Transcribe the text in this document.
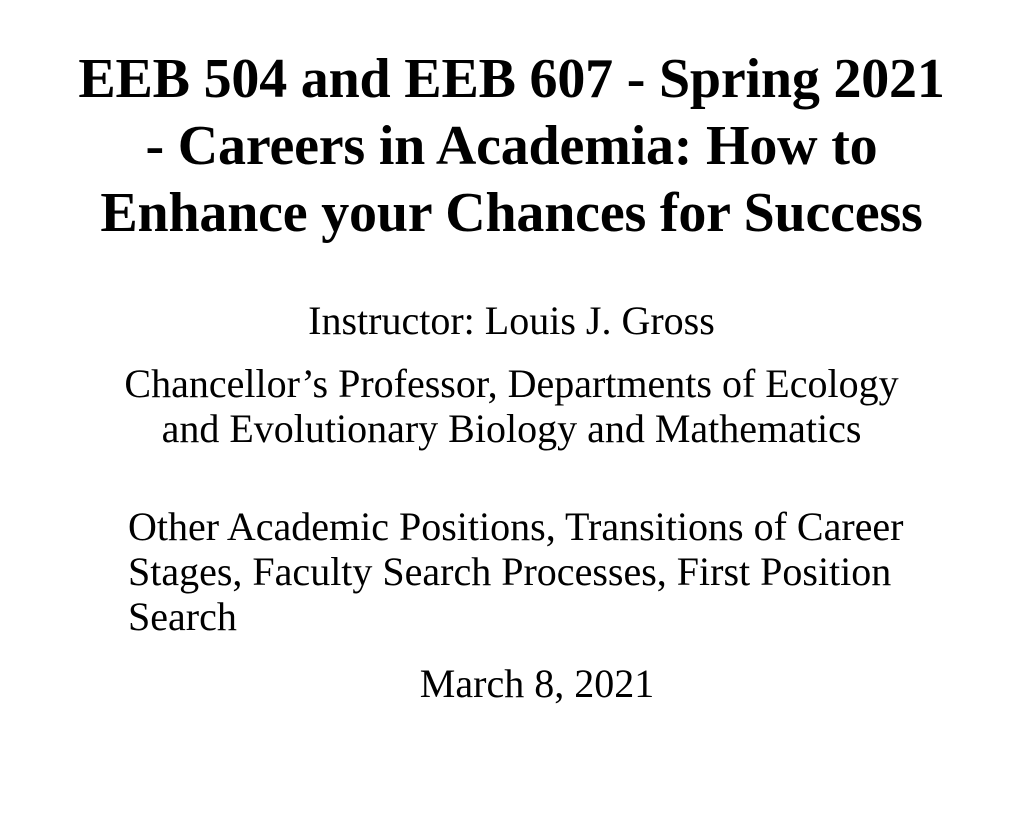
EEB 504 and EEB 607 - Spring 2021
- Careers in Academia: How to
Enhance your Chances for Success
Instructor: Louis J. Gross
Chancellor’s Professor, Departments of Ecology
and Evolutionary Biology and Mathematics
Other Academic Positions, Transitions of Career
Stages, Faculty Search Processes, First Position
Search
March 8, 2021
